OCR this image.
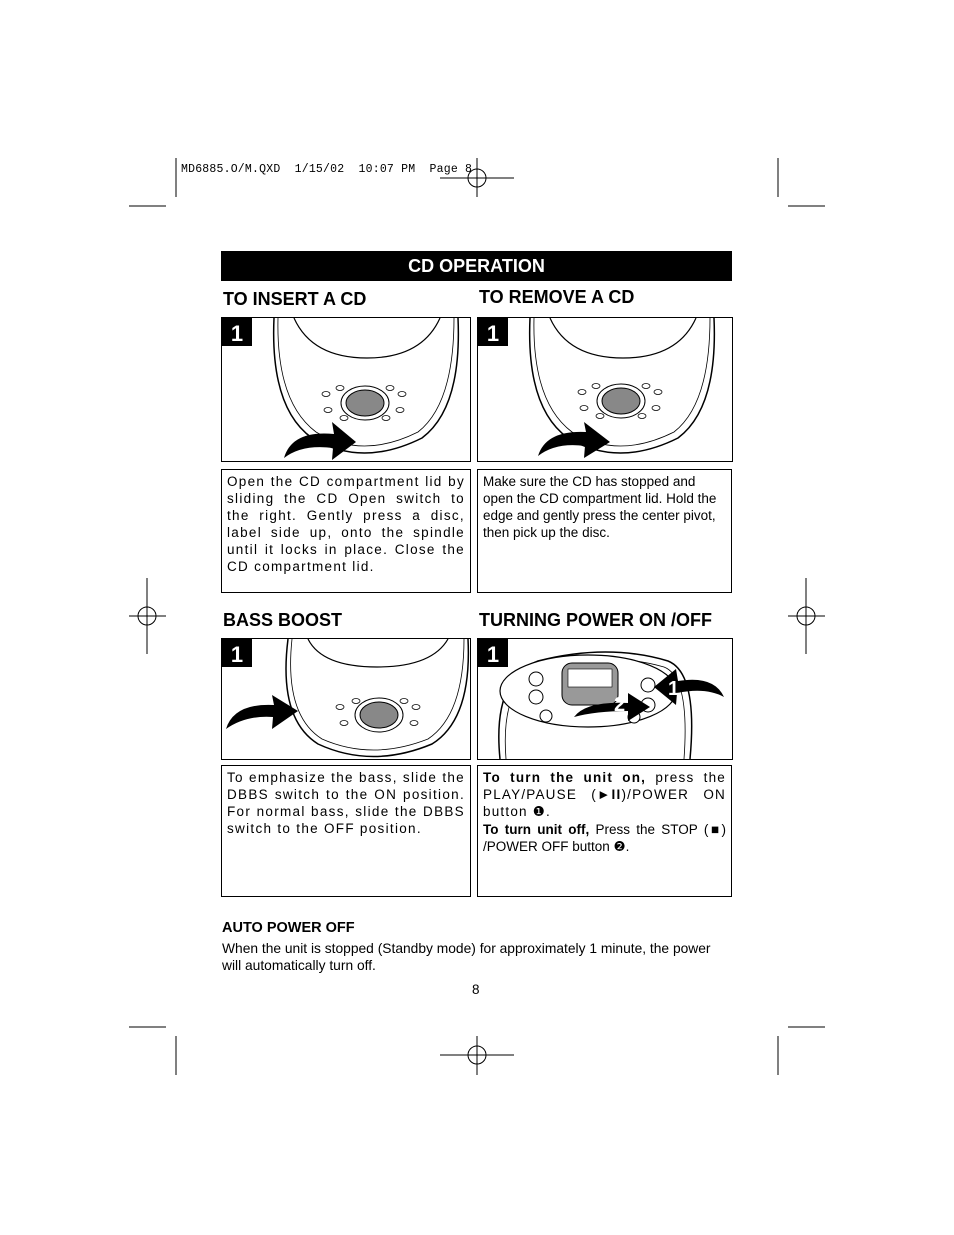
MD6885.O/M.QXD  1/15/02  10:07 PM  Page 8
CD OPERATION
TO INSERT A CD
1
Open the CD compartment lid by sliding the CD Open switch to the right. Gently press a disc, label side up, onto the spindle until it locks in place. Close the CD compartment lid.
TO REMOVE A CD
1
Make sure the CD has stopped and open the CD compartment lid. Hold the edge and gently press the center pivot, then pick up the disc.
BASS BOOST
1
To emphasize the bass, slide the DBBS switch to the ON position. For normal bass, slide the DBBS switch to the OFF position.
TURNING POWER ON /OFF
1
1
2
To turn the unit on, press the PLAY/PAUSE (►II)/POWER ON button ❶.
To turn unit off, Press the STOP (■) /POWER OFF button ❷.
AUTO POWER OFF
When the unit is stopped (Standby mode) for approximately 1 minute, the power will automatically turn off.
8
